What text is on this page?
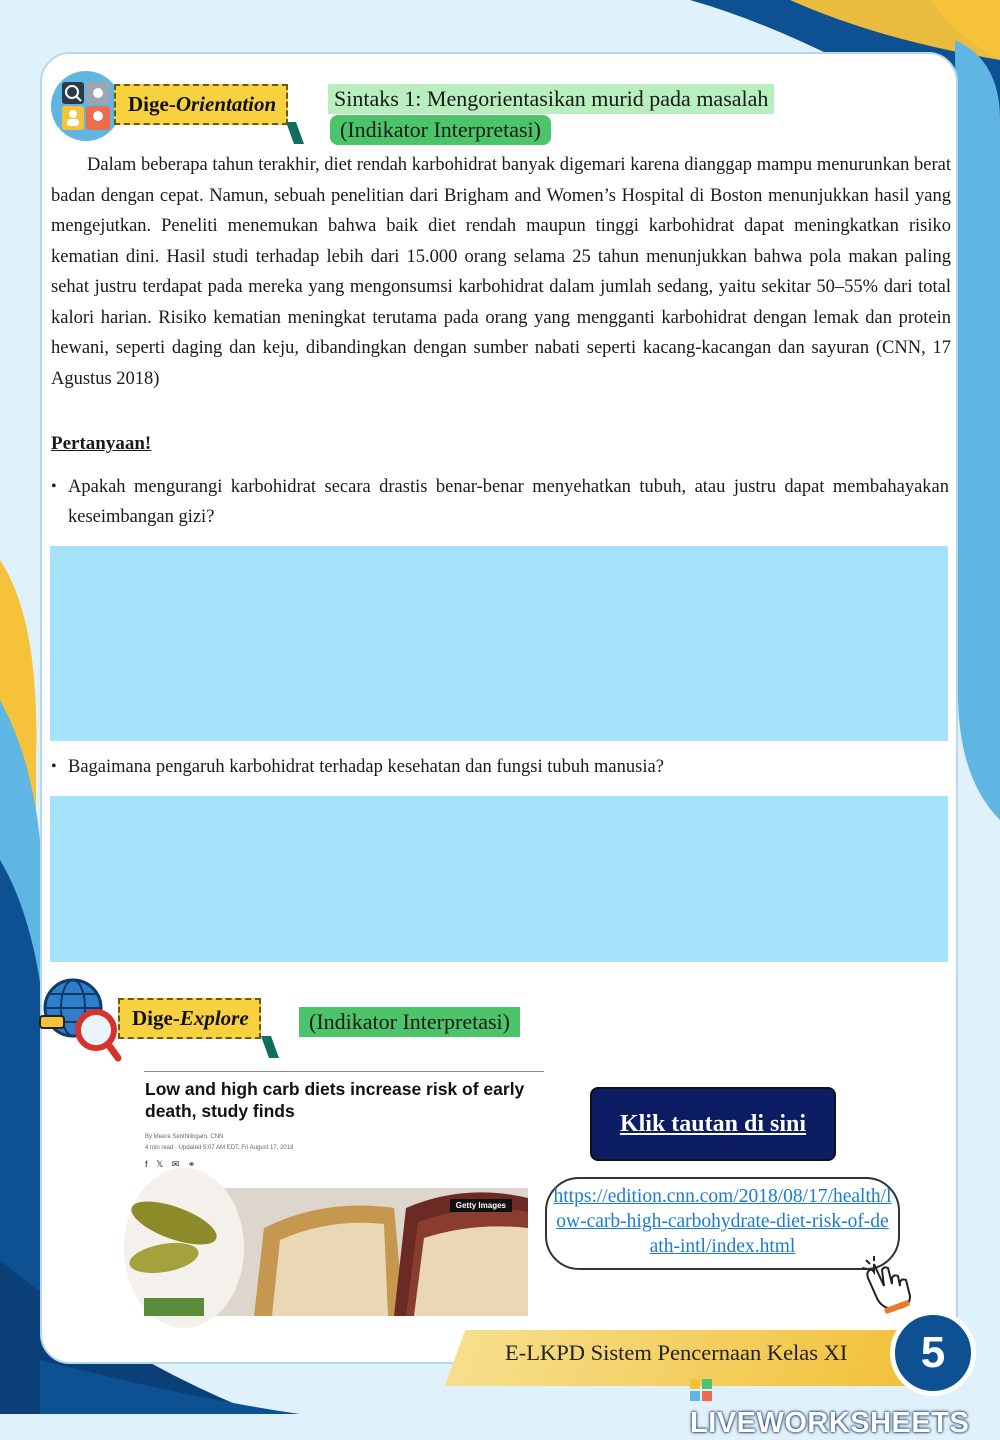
Dige-Orientation	Sintaks 1: Mengorientasikan murid pada masalah
(Indikator Interpretasi)

Dalam beberapa tahun terakhir, diet rendah karbohidrat banyak digemari karena dianggap mampu menurunkan berat badan dengan cepat. Namun, sebuah penelitian dari Brigham and Women’s Hospital di Boston menunjukkan hasil yang mengejutkan. Peneliti menemukan bahwa baik diet rendah maupun tinggi karbohidrat dapat meningkatkan risiko kematian dini. Hasil studi terhadap lebih dari 15.000 orang selama 25 tahun menunjukkan bahwa pola makan paling sehat justru terdapat pada mereka yang mengonsumsi karbohidrat dalam jumlah sedang, yaitu sekitar 50–55% dari total kalori harian. Risiko kematian meningkat terutama pada orang yang mengganti karbohidrat dengan lemak dan protein hewani, seperti daging dan keju, dibandingkan dengan sumber nabati seperti kacang-kacangan dan sayuran (CNN, 17 Agustus 2018)

Pertanyaan!
• Apakah mengurangi karbohidrat secara drastis benar-benar menyehatkan tubuh, atau justru dapat membahayakan keseimbangan gizi?
• Bagaimana pengaruh karbohidrat terhadap kesehatan dan fungsi tubuh manusia?
Dige-Explore	(Indikator Interpretasi)
Low and high carb diets increase risk of early death, study finds
By Meera Senthilingam, CNN
4 min read · Updated 5:07 AM EDT, Fri August 17, 2018
f 𝕏 ✉ ⚭
Getty Images
Klik tautan di sini
https://edition.cnn.com/2018/08/17/health/low-carb-high-carbohydrate-diet-risk-of-death-intl/index.html
E-LKPD Sistem Pencernaan Kelas XI	5
LIVEWORKSHEETS
